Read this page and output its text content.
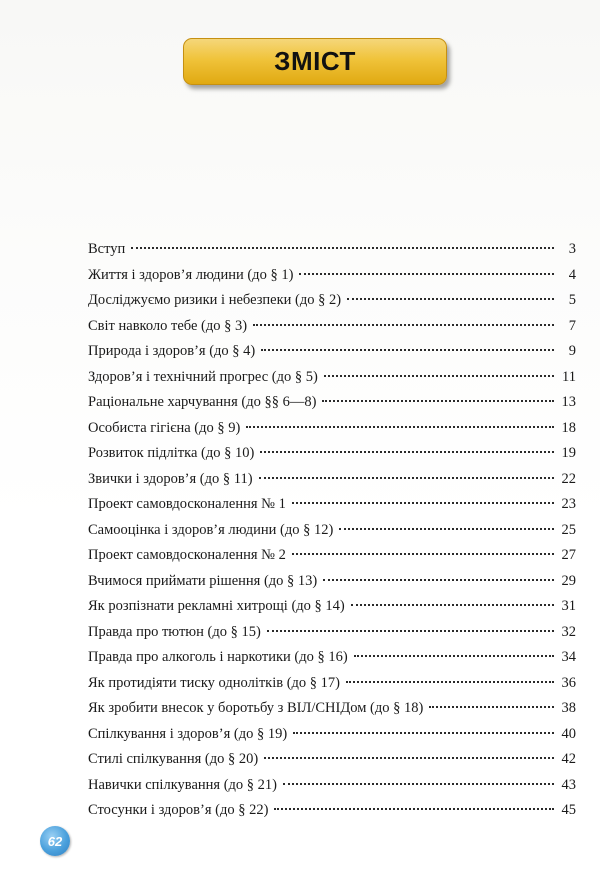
ЗМІСТ
Вступ	3
Життя і здоров’я людини (до § 1)	4
Досліджуємо ризики і небезпеки (до § 2)	5
Світ навколо тебе (до § 3)	7
Природа і здоров’я (до § 4)	9
Здоров’я і технічний прогрес (до § 5)	11
Раціональне харчування (до §§ 6—8)	13
Особиста гігієна (до § 9)	18
Розвиток підлітка (до § 10)	19
Звички і здоров’я (до § 11)	22
Проект самовдосконалення № 1	23
Самооцінка і здоров’я людини (до § 12)	25
Проект самовдосконалення № 2	27
Вчимося приймати рішення (до § 13)	29
Як розпізнати рекламні хитрощі (до § 14)	31
Правда про тютюн (до § 15)	32
Правда про алкоголь і наркотики (до § 16)	34
Як протидіяти тиску однолітків (до § 17)	36
Як зробити внесок у боротьбу з ВІЛ/СНІДом (до § 18)	38
Спілкування і здоров’я (до § 19)	40
Стилі спілкування (до § 20)	42
Навички спілкування (до § 21)	43
Стосунки і здоров’я (до § 22)	45
62
